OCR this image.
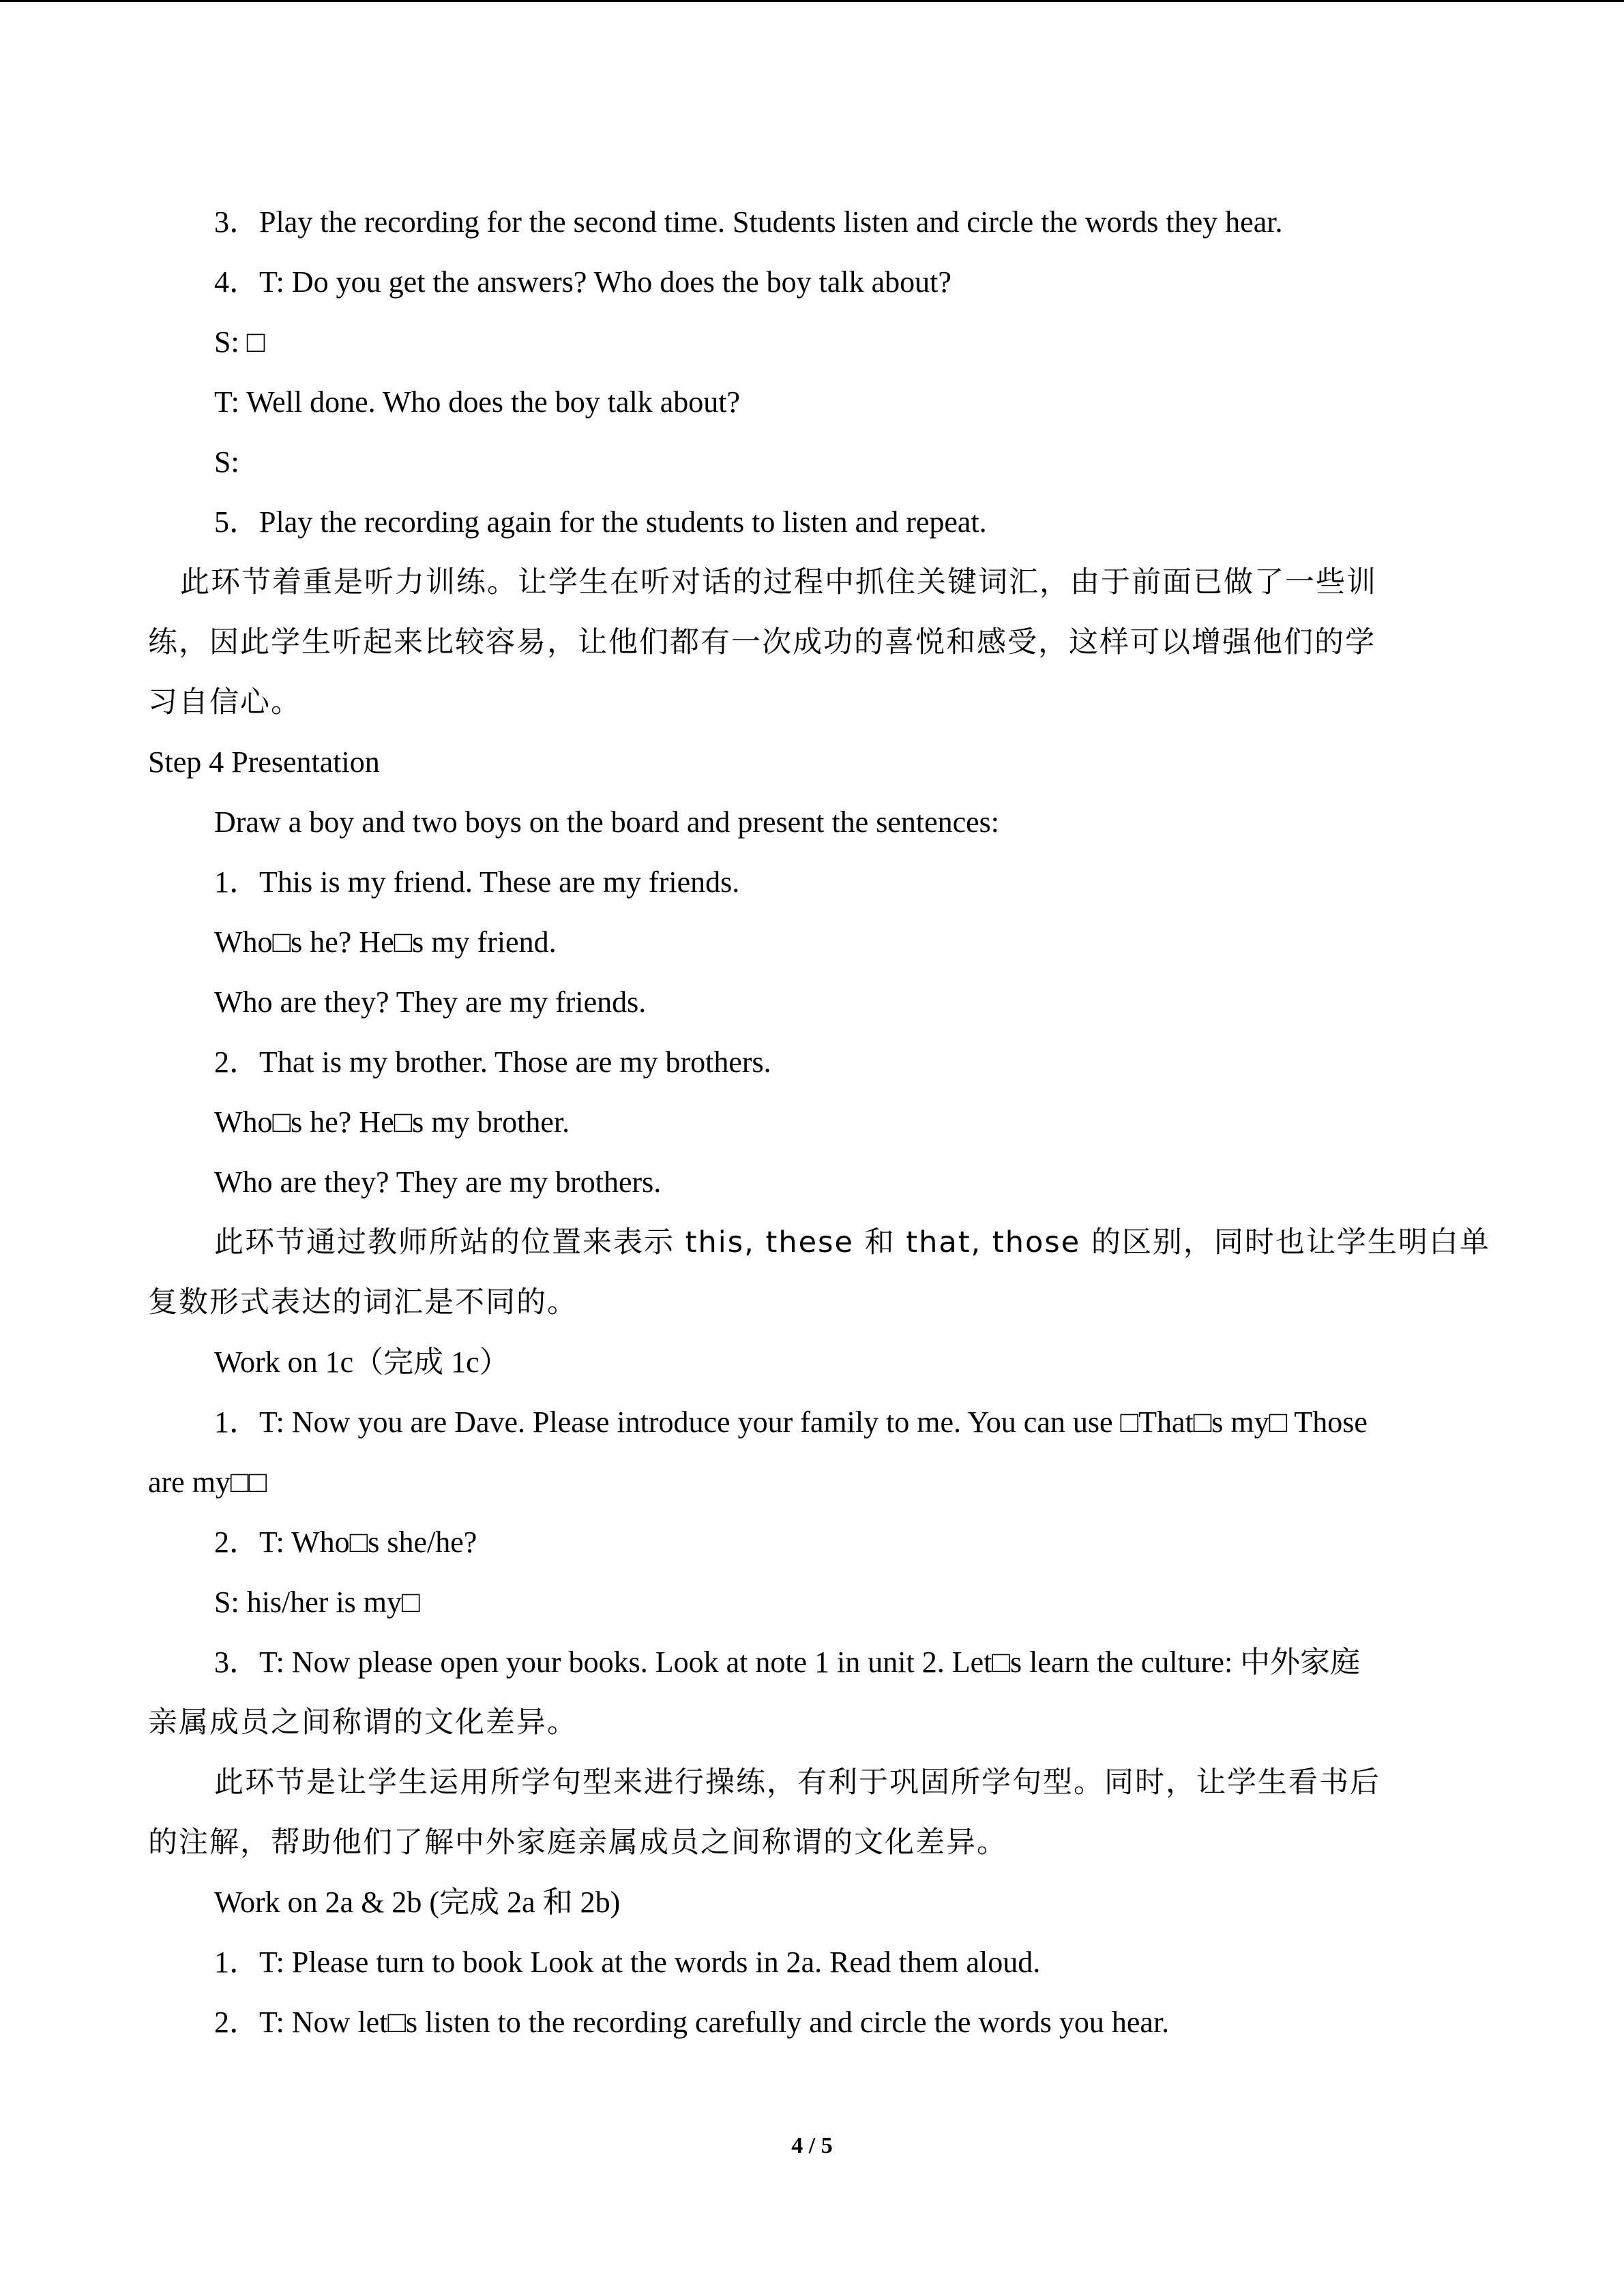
3．Play the recording for the second time. Students listen and circle the words they hear.
4．T: Do you get the answers? Who does the boy talk about?
S: □
T: Well done. Who does the boy talk about?
S:
5．Play the recording again for the students to listen and repeat.
此环节着重是听力训练。让学生在听对话的过程中抓住关键词汇，由于前面已做了一些训
练，因此学生听起来比较容易，让他们都有一次成功的喜悦和感受，这样可以增强他们的学
习自信心。
Step 4 Presentation
Draw a boy and two boys on the board and present the sentences:
1．This is my friend. These are my friends.
Who□s he? He□s my friend.
Who are they? They are my friends.
2．That is my brother. Those are my brothers.
Who□s he? He□s my brother.
Who are they? They are my brothers.
此环节通过教师所站的位置来表示 this, these 和 that, those 的区别，同时也让学生明白单
复数形式表达的词汇是不同的。
Work on 1c（完成 1c）
1．T: Now you are Dave. Please introduce your family to me. You can use □That□s my□ Those
are my□□
2．T: Who□s she/he?
S: his/her is my□
3．T: Now please open your books. Look at note 1 in unit 2. Let□s learn the culture: 中外家庭
亲属成员之间称谓的文化差异。
此环节是让学生运用所学句型来进行操练，有利于巩固所学句型。同时，让学生看书后
的注解，帮助他们了解中外家庭亲属成员之间称谓的文化差异。
Work on 2a & 2b (完成 2a 和 2b)
1．T: Please turn to book Look at the words in 2a. Read them aloud.
2．T: Now let□s listen to the recording carefully and circle the words you hear.
4 / 5
